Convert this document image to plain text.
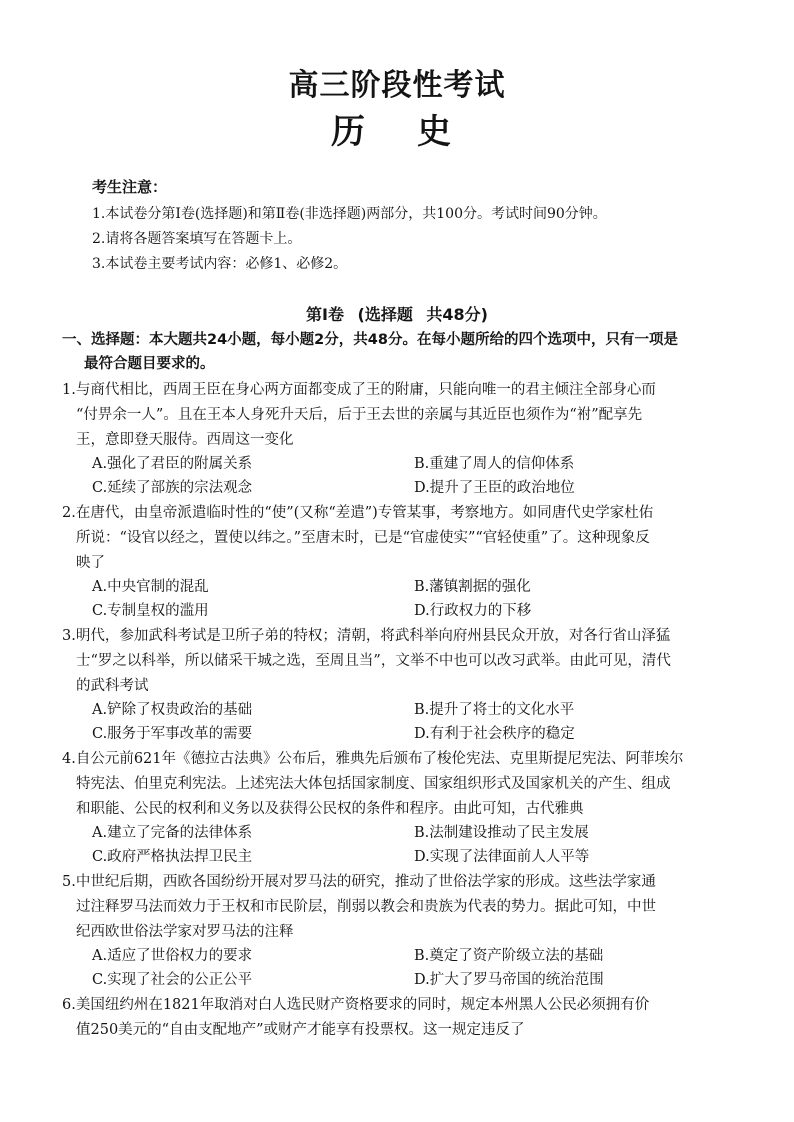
高三阶段性考试
历史
考生注意：
1.本试卷分第Ⅰ卷(选择题)和第Ⅱ卷(非选择题)两部分，共100分。考试时间90分钟。
2.请将各题答案填写在答题卡上。
3.本试卷主要考试内容：必修1、必修2。
第Ⅰ卷 (选择题 共48分)
一、选择题：本大题共24小题，每小题2分，共48分。在每小题所给的四个选项中，只有一项是
最符合题目要求的。
1.与商代相比，西周王臣在身心两方面都变成了王的附庸，只能向唯一的君主倾注全部身心而
“付畀余一人”。且在王本人身死升天后，后于王去世的亲属与其近臣也须作为“祔”配享先
王，意即登天服侍。西周这一变化
A.强化了君臣的附属关系	B.重建了周人的信仰体系
C.延续了部族的宗法观念	D.提升了王臣的政治地位
2.在唐代，由皇帝派遣临时性的“使”(又称“差遣”)专管某事，考察地方。如同唐代史学家杜佑
所说：“设官以经之，置使以纬之。”至唐末时，已是“官虚使实”“官轻使重”了。这种现象反
映了
A.中央官制的混乱	B.藩镇割据的强化
C.专制皇权的滥用	D.行政权力的下移
3.明代，参加武科考试是卫所子弟的特权；清朝，将武科举向府州县民众开放，对各行省山泽猛
士“罗之以科举，所以储采干城之选，至周且当”，文举不中也可以改习武举。由此可见，清代
的武科考试
A.铲除了权贵政治的基础	B.提升了将士的文化水平
C.服务于军事改革的需要	D.有利于社会秩序的稳定
4.自公元前621年《德拉古法典》公布后，雅典先后颁布了梭伦宪法、克里斯提尼宪法、阿菲埃尔
特宪法、伯里克利宪法。上述宪法大体包括国家制度、国家组织形式及国家机关的产生、组成
和职能、公民的权利和义务以及获得公民权的条件和程序。由此可知，古代雅典
A.建立了完备的法律体系	B.法制建设推动了民主发展
C.政府严格执法捍卫民主	D.实现了法律面前人人平等
5.中世纪后期，西欧各国纷纷开展对罗马法的研究，推动了世俗法学家的形成。这些法学家通
过注释罗马法而效力于王权和市民阶层，削弱以教会和贵族为代表的势力。据此可知，中世
纪西欧世俗法学家对罗马法的注释
A.适应了世俗权力的要求	B.奠定了资产阶级立法的基础
C.实现了社会的公正公平	D.扩大了罗马帝国的统治范围
6.美国纽约州在1821年取消对白人选民财产资格要求的同时，规定本州黑人公民必须拥有价
值250美元的“自由支配地产”或财产才能享有投票权。这一规定违反了
